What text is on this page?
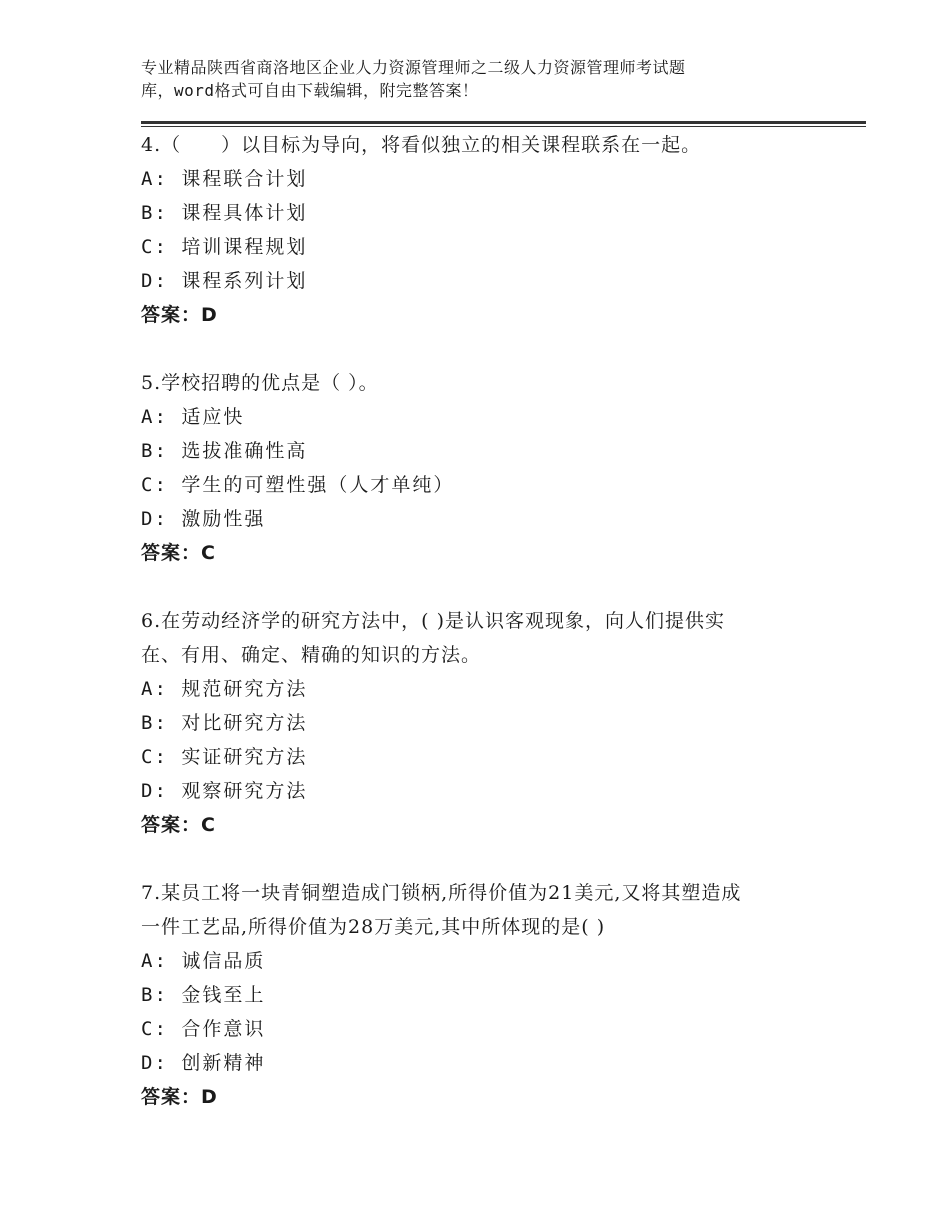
专业精品陕西省商洛地区企业人力资源管理师之二级人力资源管理师考试题
库，word格式可自由下载编辑，附完整答案！

4.（　　）以目标为导向，将看似独立的相关课程联系在一起。

A: 课程联合计划

B: 课程具体计划

C: 培训课程规划

D: 课程系列计划

答案：D

5.学校招聘的优点是（ ）。

A: 适应快

B: 选拔准确性高

C: 学生的可塑性强（人才单纯）

D: 激励性强

答案：C

6.在劳动经济学的研究方法中，( )是认识客观现象，向人们提供实

在、有用、确定、精确的知识的方法。

A: 规范研究方法

B: 对比研究方法

C: 实证研究方法

D: 观察研究方法

答案：C

7.某员工将一块青铜塑造成门锁柄,所得价值为21美元,又将其塑造成

一件工艺品,所得价值为28万美元,其中所体现的是( )

A: 诚信品质

B: 金钱至上

C: 合作意识

D: 创新精神

答案：D
